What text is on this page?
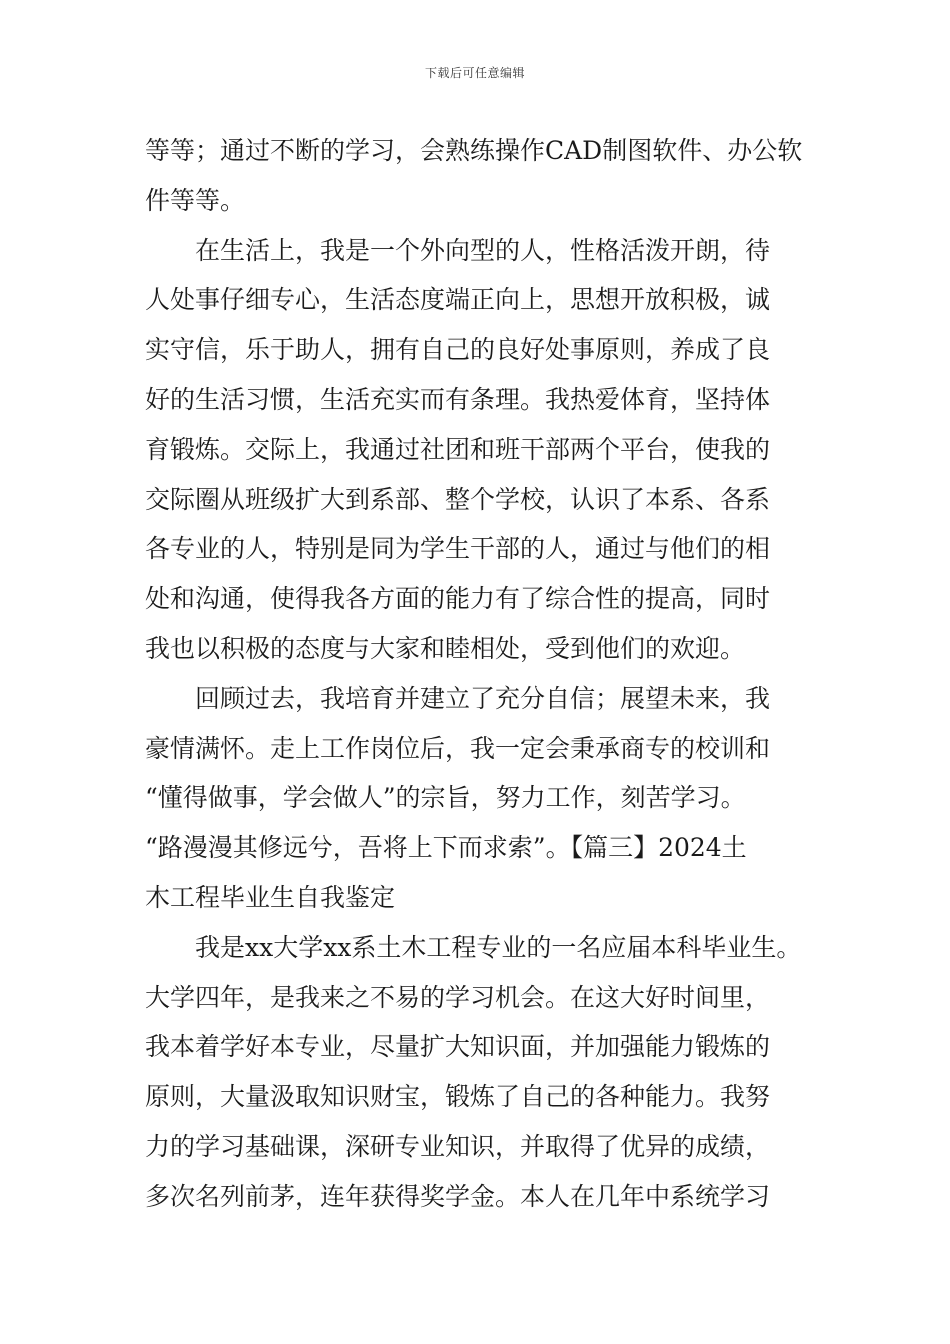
下载后可任意编辑
等等；通过不断的学习，会熟练操作CAD制图软件、办公软
件等等。
在生活上，我是一个外向型的人，性格活泼开朗，待
人处事仔细专心，生活态度端正向上，思想开放积极，诚
实守信，乐于助人，拥有自己的良好处事原则，养成了良
好的生活习惯，生活充实而有条理。我热爱体育，坚持体
育锻炼。交际上，我通过社团和班干部两个平台，使我的
交际圈从班级扩大到系部、整个学校，认识了本系、各系
各专业的人，特别是同为学生干部的人，通过与他们的相
处和沟通，使得我各方面的能力有了综合性的提高，同时
我也以积极的态度与大家和睦相处，受到他们的欢迎。
回顾过去，我培育并建立了充分自信；展望未来，我
豪情满怀。走上工作岗位后，我一定会秉承商专的校训和
“懂得做事，学会做人”的宗旨，努力工作，刻苦学习。
“路漫漫其修远兮，吾将上下而求索”。【篇三】2024土
木工程毕业生自我鉴定
我是xx大学xx系土木工程专业的一名应届本科毕业生。
大学四年，是我来之不易的学习机会。在这大好时间里，
我本着学好本专业，尽量扩大知识面，并加强能力锻炼的
原则，大量汲取知识财宝，锻炼了自己的各种能力。我努
力的学习基础课，深研专业知识，并取得了优异的成绩，
多次名列前茅，连年获得奖学金。本人在几年中系统学习
